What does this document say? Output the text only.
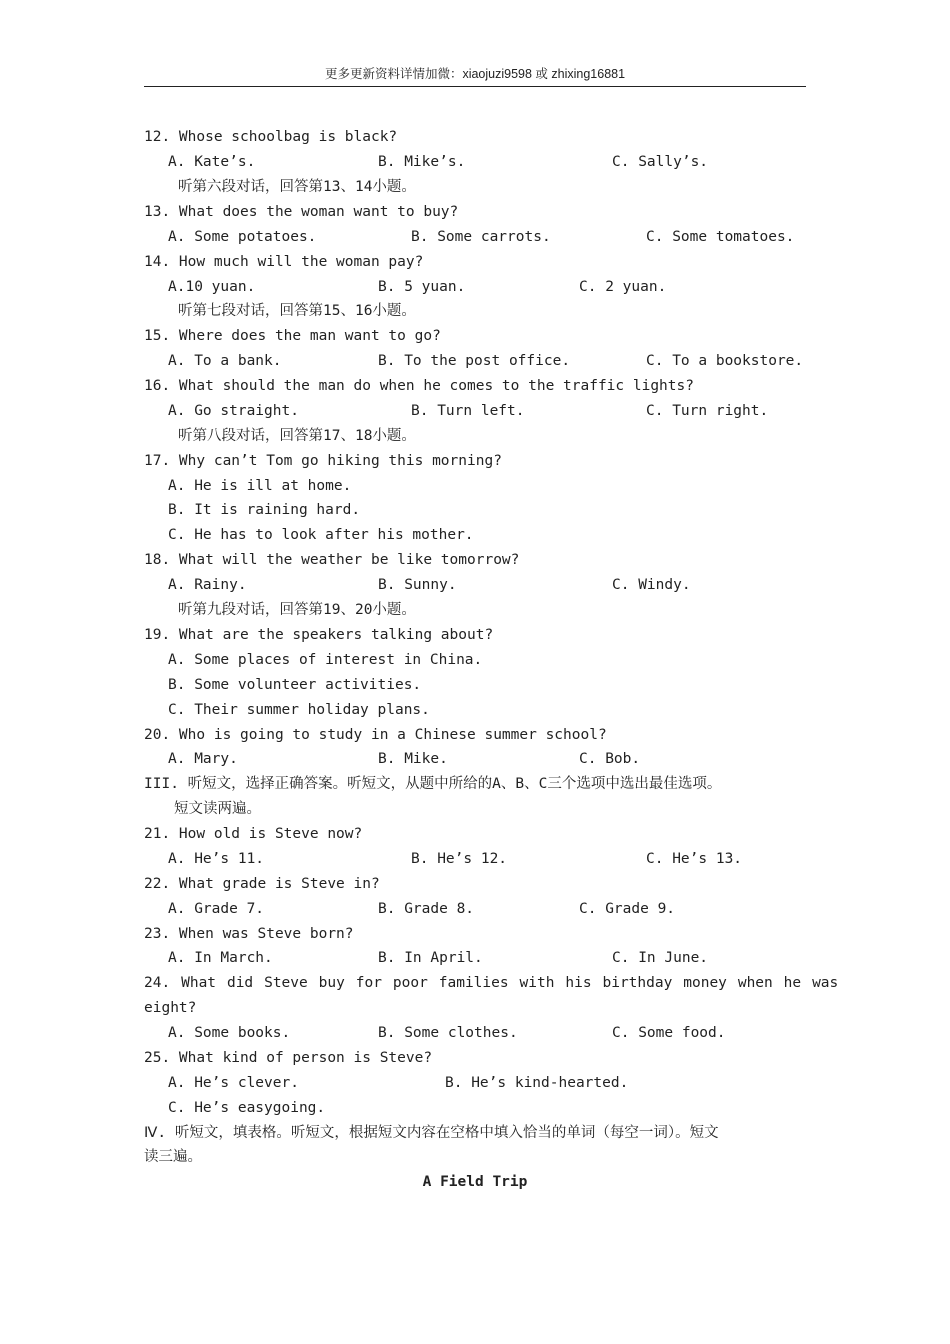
更多更新资料详情加微：xiaojuzi9598 或 zhixing16881
12. Whose schoolbag is black?
A. Kate’s.	B. Mike’s.	C. Sally’s.
听第六段对话，回答第13、14小题。
13. What does the woman want to buy?
A. Some potatoes.	B. Some carrots.	C. Some tomatoes.
14. How much will the woman pay?
A.10 yuan.	B. 5 yuan.	C. 2 yuan.
听第七段对话，回答第15、16小题。
15. Where does the man want to go?
A. To a bank.	B. To the post office.	C. To a bookstore.
16. What should the man do when he comes to the traffic lights?
A. Go straight.	B. Turn left.	C. Turn right.
听第八段对话，回答第17、18小题。
17. Why can’t Tom go hiking this morning?
A. He is ill at home.
B. It is raining hard.
C. He has to look after his mother.
18. What will the weather be like tomorrow?
A. Rainy.	B. Sunny.	C. Windy.
听第九段对话，回答第19、20小题。
19. What are the speakers talking about?
A. Some places of interest in China.
B. Some volunteer activities.
C. Their summer holiday plans.
20. Who is going to study in a Chinese summer school?
A. Mary.	B. Mike.	C. Bob.
III. 听短文，选择正确答案。听短文，从题中所给的A、B、C三个选项中选出最佳选项。
短文读两遍。
21. How old is Steve now?
A. He’s 11.	B. He’s 12.	C. He’s 13.
22. What grade is Steve in?
A. Grade 7.	B. Grade 8.	C. Grade 9.
23. When was Steve born?
A. In March.	B. In April.	C. In June.
24. What did Steve buy for poor families with his birthday money when he was
eight?
A. Some books.	B. Some clothes.	C. Some food.
25. What kind of person is Steve?
A. He’s clever.	B. He’s kind-hearted.
C. He’s easygoing.
Ⅳ. 听短文，填表格。听短文，根据短文内容在空格中填入恰当的单词（每空一词）。短文
读三遍。
A Field Trip
